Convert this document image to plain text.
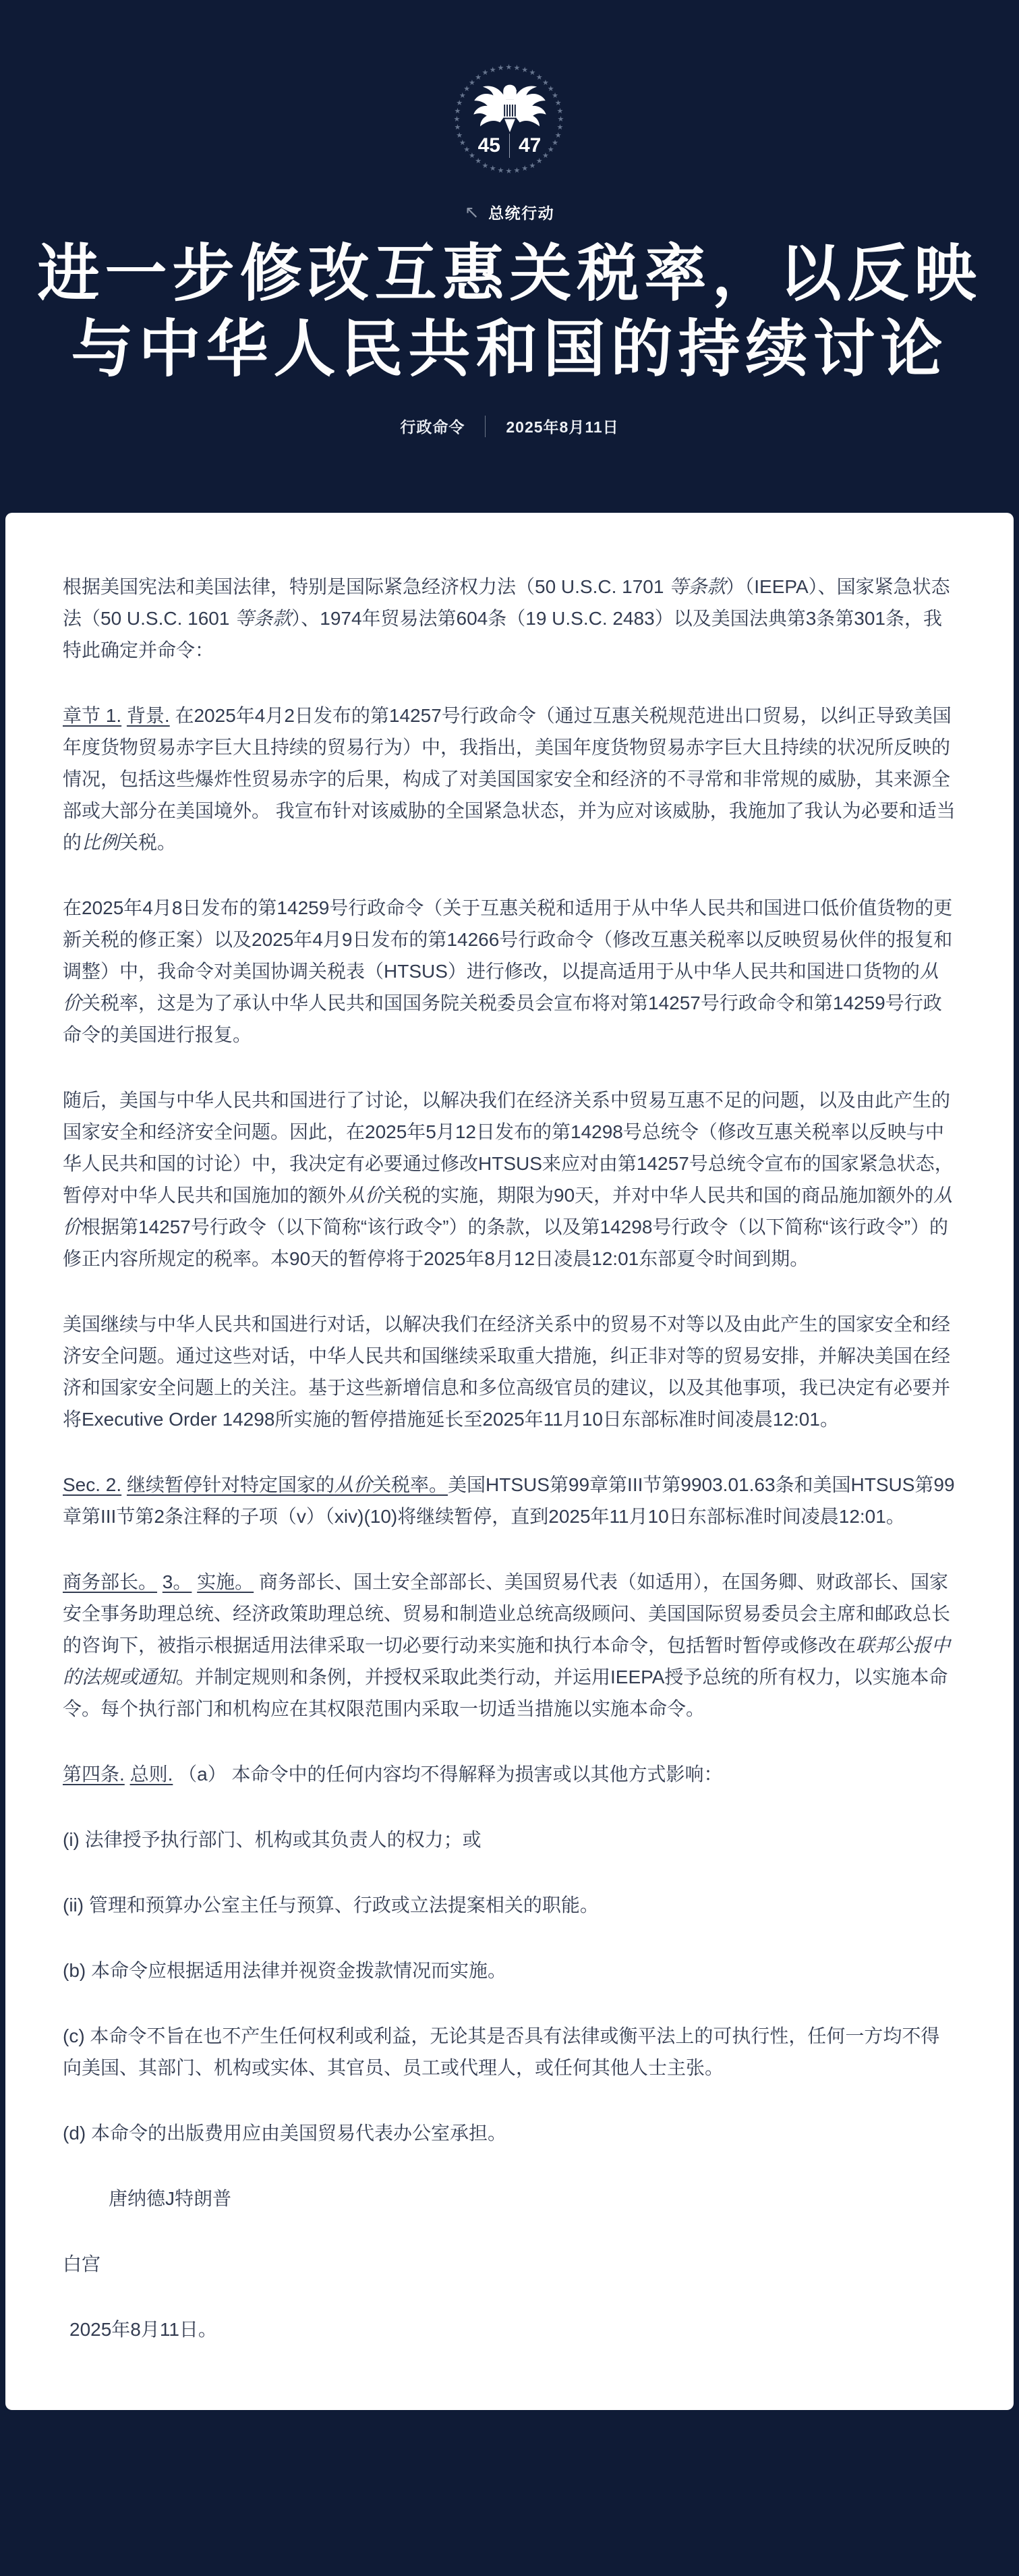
★ ★ ★ ★
★
★
★
★
★
★
★
★
★
★
★
★
★
★
★
★
★
★
★
★
★
★
★
★
★
★
★
★
★
★
★
★
★
★ ★ ★
45 47
↖ 总统行动
进一步修改互惠关税率，以反映
与中华人民共和国的持续讨论
行政命令	2025年8月11日

根据美国宪法和美国法律，特别是国际紧急经济权力法（50 U.S.C. 1701 等条款）（IEEPA）、国家紧急状态法（50 U.S.C. 1601 等条款）、1974年贸易法第604条（19 U.S.C. 2483）以及美国法典第3条第301条，我特此确定并命令：

章节 1. 背景. 在2025年4月2日发布的第14257号行政命令（通过互惠关税规范进出口贸易，以纠正导致美国年度货物贸易赤字巨大且持续的贸易行为）中，我指出，美国年度货物贸易赤字巨大且持续的状况所反映的情况，包括这些爆炸性贸易赤字的后果，构成了对美国国家安全和经济的不寻常和非常规的威胁，其来源全部或大部分在美国境外。 我宣布针对该威胁的全国紧急状态，并为应对该威胁，我施加了我认为必要和适当的比例关税。

在2025年4月8日发布的第14259号行政命令（关于互惠关税和适用于从中华人民共和国进口低价值货物的更新关税的修正案）以及2025年4月9日发布的第14266号行政命令（修改互惠关税率以反映贸易伙伴的报复和调整）中，我命令对美国协调关税表（HTSUS）进行修改，以提高适用于从中华人民共和国进口货物的从价关税率，这是为了承认中华人民共和国国务院关税委员会宣布将对第14257号行政命令和第14259号行政命令的美国进行报复。

随后，美国与中华人民共和国进行了讨论，以解决我们在经济关系中贸易互惠不足的问题，以及由此产生的国家安全和经济安全问题。因此，在2025年5月12日发布的第14298号总统令（修改互惠关税率以反映与中华人民共和国的讨论）中，我决定有必要通过修改HTSUS来应对由第14257号总统令宣布的国家紧急状态，暂停对中华人民共和国施加的额外从价关税的实施，期限为90天，并对中华人民共和国的商品施加额外的从价根据第14257号行政令（以下简称“该行政令”）的条款，以及第14298号行政令（以下简称“该行政令”）的修正内容所规定的税率。本90天的暂停将于2025年8月12日凌晨12:01东部夏令时间到期。

美国继续与中华人民共和国进行对话，以解决我们在经济关系中的贸易不对等以及由此产生的国家安全和经济安全问题。通过这些对话，中华人民共和国继续采取重大措施，纠正非对等的贸易安排，并解决美国在经济和国家安全问题上的关注。基于这些新增信息和多位高级官员的建议，以及其他事项，我已决定有必要并将Executive Order 14298所实施的暂停措施延长至2025年11月10日东部标准时间凌晨12:01。

Sec. 2. 继续暂停针对特定国家的从价关税率。美国HTSUS第99章第III节第9903.01.63条和美国HTSUS第99章第III节第2条注释的子项（v）（xiv)(10)将继续暂停，直到2025年11月10日东部标准时间凌晨12:01。

商务部长。 3。 实施。 商务部长、国土安全部部长、美国贸易代表（如适用），在国务卿、财政部长、国家安全事务助理总统、经济政策助理总统、贸易和制造业总统高级顾问、美国国际贸易委员会主席和邮政总长的咨询下，被指示根据适用法律采取一切必要行动来实施和执行本命令，包括暂时暂停或修改在联邦公报中的法规或通知。并制定规则和条例，并授权采取此类行动，并运用IEEPA授予总统的所有权力，以实施本命令。每个执行部门和机构应在其权限范围内采取一切适当措施以实施本命令。

第四条. 总则. （a） 本命令中的任何内容均不得解释为损害或以其他方式影响：

(i) 法律授予执行部门、机构或其负责人的权力；或

(ii) 管理和预算办公室主任与预算、行政或立法提案相关的职能。

(b) 本命令应根据适用法律并视资金拨款情况而实施。

(c) 本命令不旨在也不产生任何权利或利益，无论其是否具有法律或衡平法上的可执行性，任何一方均不得向美国、其部门、机构或实体、其官员、员工或代理人，或任何其他人士主张。

(d) 本命令的出版费用应由美国贸易代表办公室承担。

唐纳德J特朗普

白宫

2025年8月11日。
